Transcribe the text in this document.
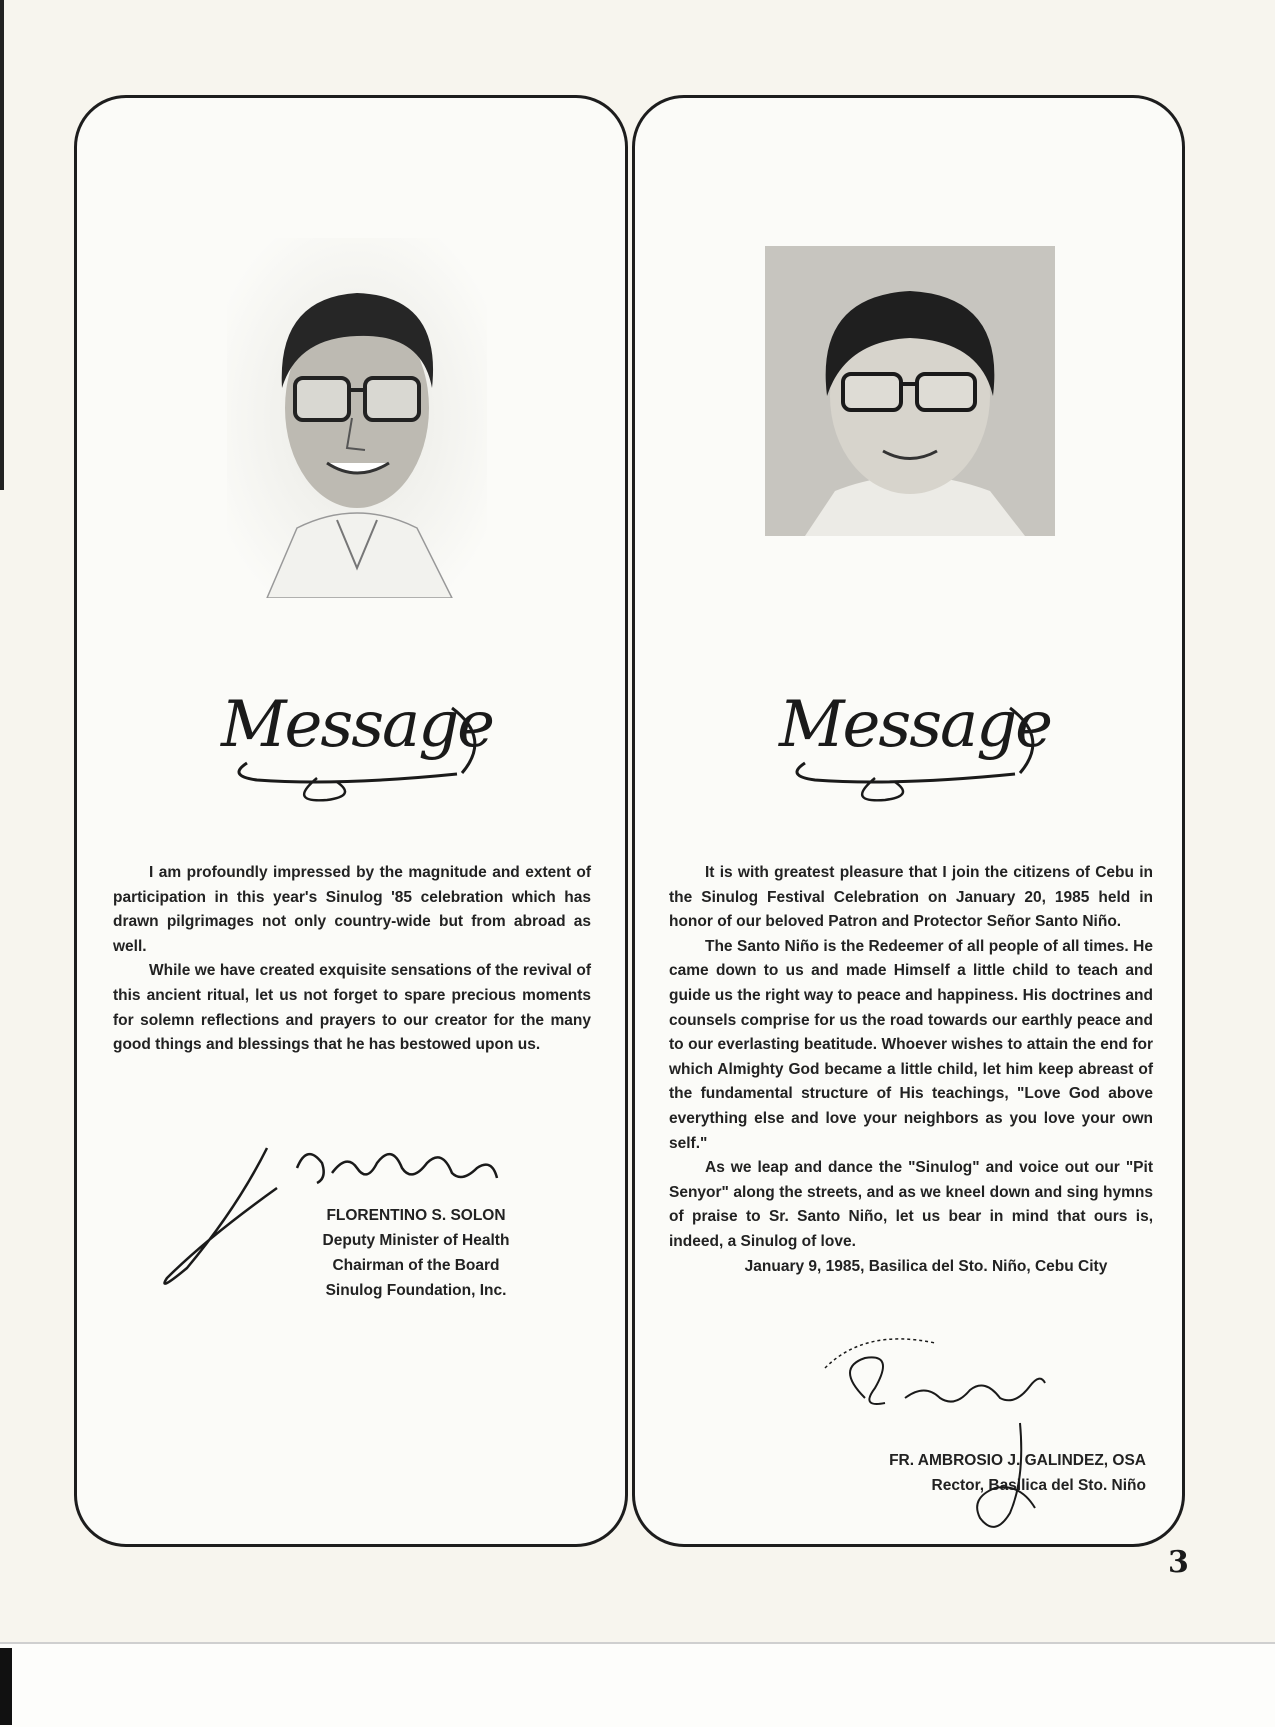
Message

I am profoundly impressed by the magnitude and extent of participation in this year's Sinulog '85 celebration which has drawn pilgrimages not only country-wide but from abroad as well.

While we have created exquisite sensations of the revival of this ancient ritual, let us not forget to spare precious moments for solemn reflections and prayers to our creator for the many good things and blessings that he has bestowed upon us.

FLORENTINO S. SOLON
Deputy Minister of Health
Chairman of the Board
Sinulog Foundation, Inc.
Message

It is with greatest pleasure that I join the citizens of Cebu in the Sinulog Festival Celebration on January 20, 1985 held in honor of our beloved Patron and Protector Señor Santo Niño.

The Santo Niño is the Redeemer of all people of all times. He came down to us and made Himself a little child to teach and guide us the right way to peace and happiness. His doctrines and counsels comprise for us the road towards our earthly peace and to our everlasting beatitude. Whoever wishes to attain the end for which Almighty God became a little child, let him keep abreast of the fundamental structure of His teachings, "Love God above everything else and love your neighbors as you love your own self."

As we leap and dance the "Sinulog" and voice out our "Pit Senyor" along the streets, and as we kneel down and sing hymns of praise to Sr. Santo Niño, let us bear in mind that ours is, indeed, a Sinulog of love.

January 9, 1985, Basilica del Sto. Niño, Cebu City

FR. AMBROSIO J. GALINDEZ, OSA
Rector, Basilica del Sto. Niño
3
